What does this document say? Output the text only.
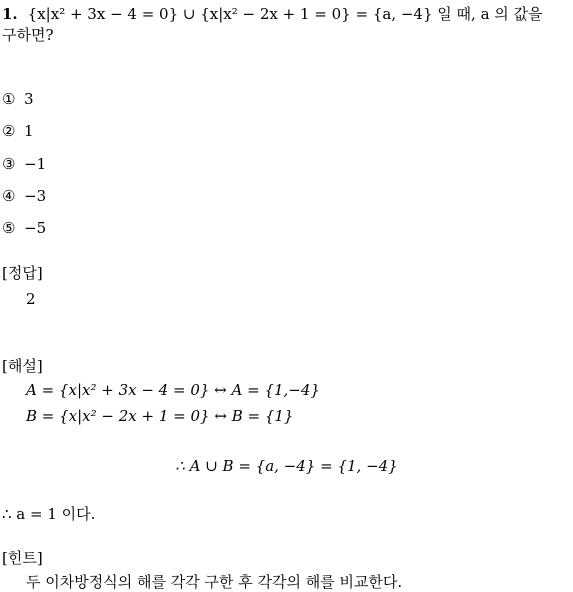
1. {x|x² + 3x − 4 = 0} ∪ {x|x² − 2x + 1 = 0} = {a, −4} 일 때, a 의 값을
구하면?
① 3
② 1
③ −1
④ −3
⑤ −5
[정답]
2
[해설]
A = {x|x² + 3x − 4 = 0} ↔ A = {1,−4}
B = {x|x² − 2x + 1 = 0} ↔ B = {1}
∴ A ∪ B = {a, −4} = {1, −4}
∴ a = 1 이다.
[힌트]
두 이차방정식의 해를 각각 구한 후 각각의 해를 비교한다.
